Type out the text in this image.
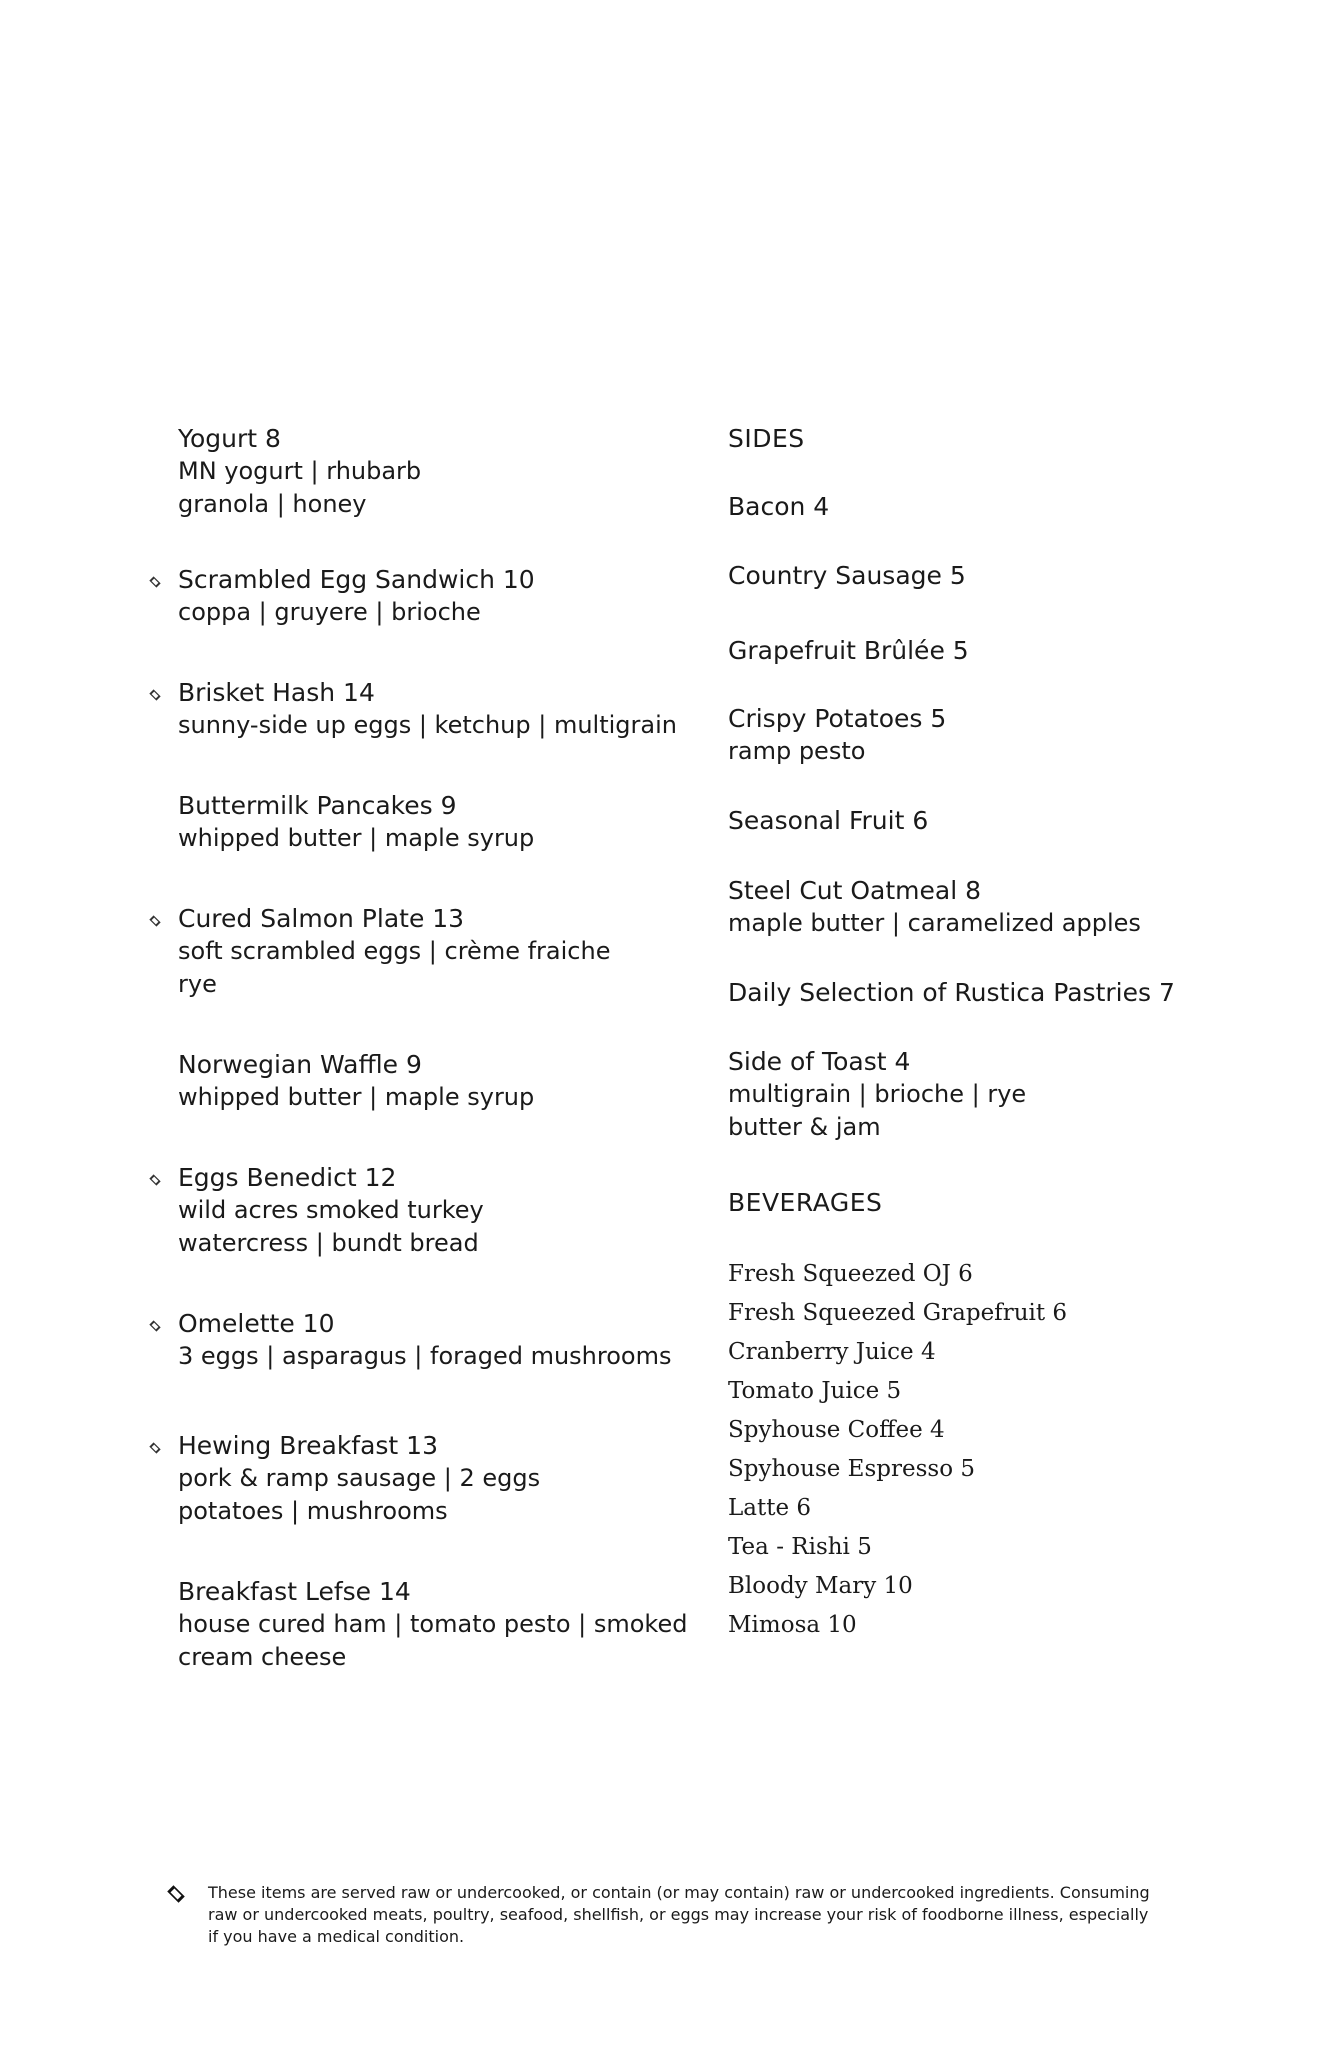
Yogurt 8
MN yogurt | rhubarb
granola | honey
Scrambled Egg Sandwich 10
coppa | gruyere | brioche
Brisket Hash 14
sunny-side up eggs | ketchup | multigrain
Buttermilk Pancakes 9
whipped butter | maple syrup
Cured Salmon Plate 13
soft scrambled eggs | crème fraiche
rye
Norwegian Waffle 9
whipped butter | maple syrup
Eggs Benedict 12
wild acres smoked turkey
watercress | bundt bread
Omelette 10
3 eggs | asparagus | foraged mushrooms
Hewing Breakfast 13
pork & ramp sausage | 2 eggs
potatoes | mushrooms
Breakfast Lefse 14
house cured ham | tomato pesto | smoked
cream cheese
SIDES
Bacon 4
Country Sausage 5
Grapefruit Brûlée 5
Crispy Potatoes 5
ramp pesto
Seasonal Fruit 6
Steel Cut Oatmeal 8
maple butter | caramelized apples
Daily Selection of Rustica Pastries 7
Side of Toast 4
multigrain | brioche | rye
butter & jam
BEVERAGES
Fresh Squeezed OJ 6
Fresh Squeezed Grapefruit 6
Cranberry Juice 4
Tomato Juice 5
Spyhouse Coffee 4
Spyhouse Espresso 5
Latte 6
Tea - Rishi 5
Bloody Mary 10
Mimosa 10
These items are served raw or undercooked, or contain (or may contain) raw or undercooked ingredients. Consuming raw or undercooked meats, poultry, seafood, shellfish, or eggs may increase your risk of foodborne illness, especially if you have a medical condition.
